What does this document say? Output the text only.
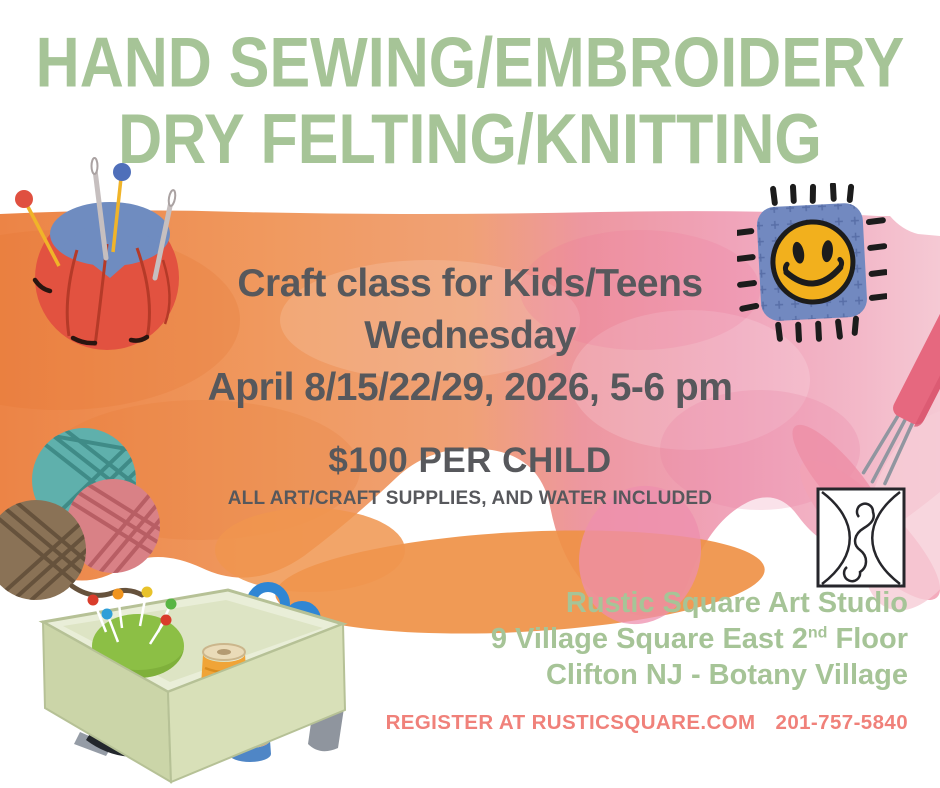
HAND SEWING/EMBROIDERY
DRY FELTING/KNITTING
Craft class for Kids/Teens
Wednesday
April 8/15/22/29, 2026, 5-6 pm
$100 PER CHILD
ALL ART/CRAFT SUPPLIES, AND WATER INCLUDED
Rustic Square Art Studio
9 Village Square East 2nd Floor
Clifton NJ - Botany Village
REGISTER AT RUSTICSQUARE.COM 201-757-5840
